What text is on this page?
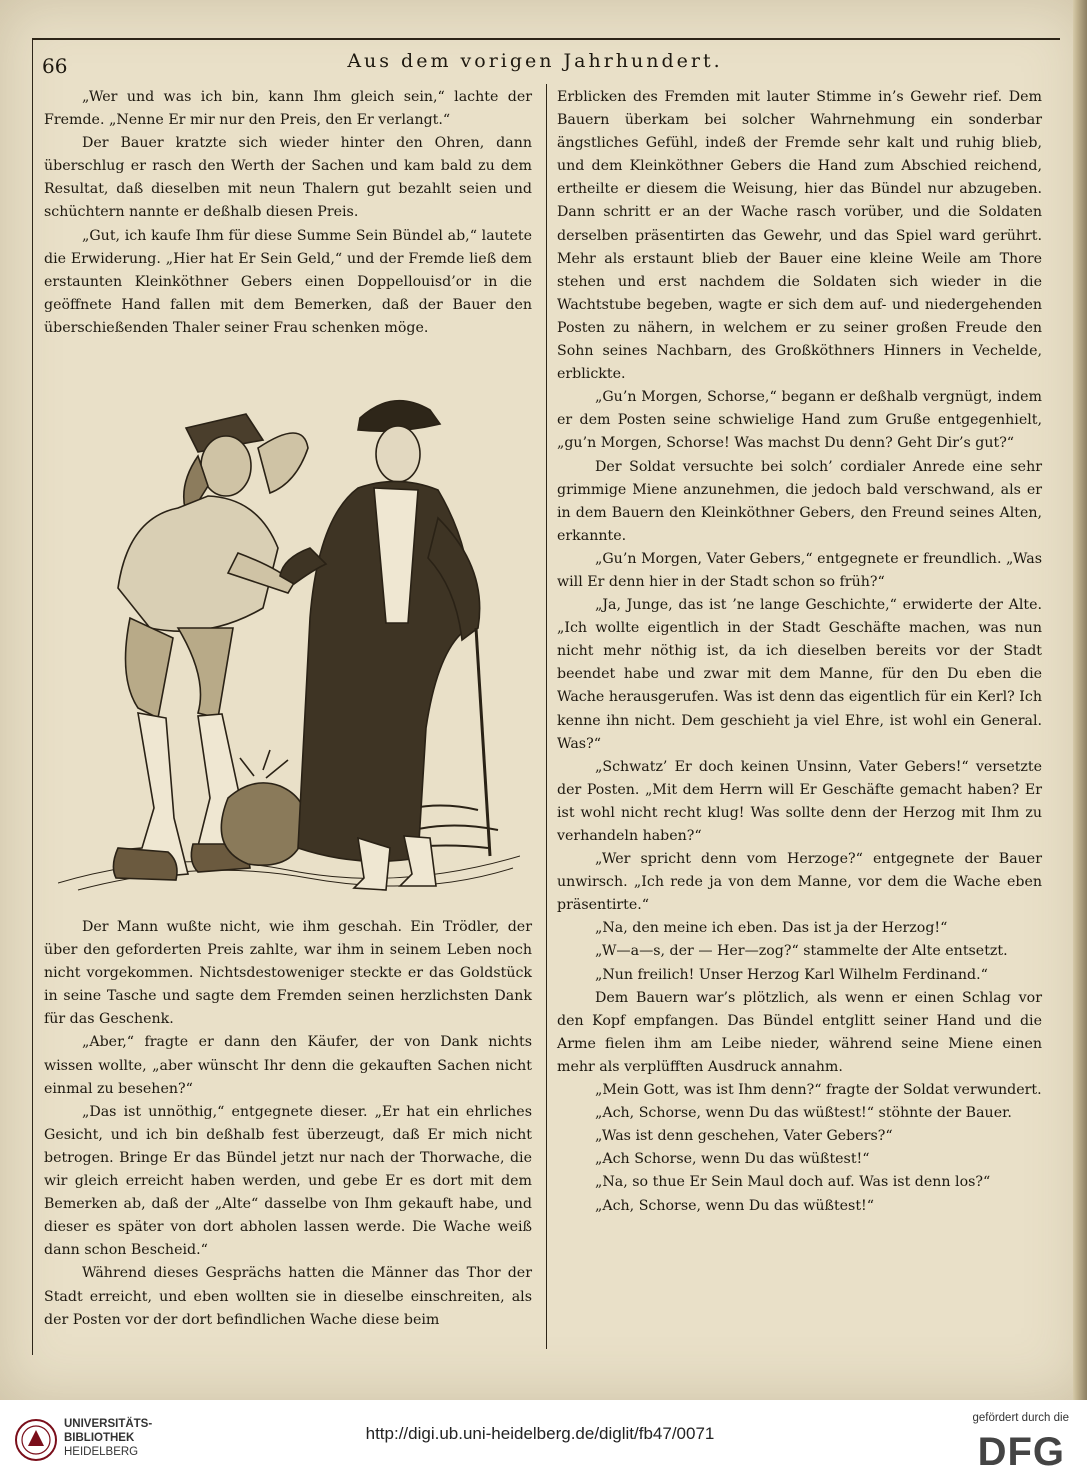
66	Aus dem vorigen Jahrhundert.

„Wer und was ich bin, kann Ihm gleich sein,“ lachte der Fremde. „Nenne Er mir nur den Preis, den Er verlangt.“

Der Bauer kratzte sich wieder hinter den Ohren, dann überschlug er rasch den Werth der Sachen und kam bald zu dem Resultat, daß dieselben mit neun Thalern gut bezahlt seien und schüchtern nannte er deßhalb diesen Preis.

„Gut, ich kaufe Ihm für diese Summe Sein Bündel ab,“ lautete die Erwiderung. „Hier hat Er Sein Geld,“ und der Fremde ließ dem erstaunten Kleinköthner Gebers einen Doppellouisd’or in die geöffnete Hand fallen mit dem Bemerken, daß der Bauer den überschießenden Thaler seiner Frau schenken möge.

Der Mann wußte nicht, wie ihm geschah. Ein Trödler, der über den geforderten Preis zahlte, war ihm in seinem Leben noch nicht vorgekommen. Nichtsdestoweniger steckte er das Goldstück in seine Tasche und sagte dem Fremden seinen herzlichsten Dank für das Geschenk.

„Aber,“ fragte er dann den Käufer, der von Dank nichts wissen wollte, „aber wünscht Ihr denn die gekauften Sachen nicht einmal zu besehen?“

„Das ist unnöthig,“ entgegnete dieser. „Er hat ein ehrliches Gesicht, und ich bin deßhalb fest überzeugt, daß Er mich nicht betrogen. Bringe Er das Bündel jetzt nur nach der Thorwache, die wir gleich erreicht haben werden, und gebe Er es dort mit dem Bemerken ab, daß der „Alte“ dasselbe von Ihm gekauft habe, und dieser es später von dort abholen lassen werde. Die Wache weiß dann schon Bescheid.“

Während dieses Gesprächs hatten die Männer das Thor der Stadt erreicht, und eben wollten sie in dieselbe einschreiten, als der Posten vor der dort befindlichen Wache diese beim

Erblicken des Fremden mit lauter Stimme in’s Gewehr rief. Dem Bauern überkam bei solcher Wahrnehmung ein sonderbar ängstliches Gefühl, indeß der Fremde sehr kalt und ruhig blieb, und dem Kleinköthner Gebers die Hand zum Abschied reichend, ertheilte er diesem die Weisung, hier das Bündel nur abzugeben. Dann schritt er an der Wache rasch vorüber, und die Soldaten derselben präsentirten das Gewehr, und das Spiel ward gerührt. Mehr als erstaunt blieb der Bauer eine kleine Weile am Thore stehen und erst nachdem die Soldaten sich wieder in die Wachtstube begeben, wagte er sich dem auf- und niedergehenden Posten zu nähern, in welchem er zu seiner großen Freude den Sohn seines Nachbarn, des Großköthners Hinners in Vechelde, erblickte.

„Gu’n Morgen, Schorse,“ begann er deßhalb vergnügt, indem er dem Posten seine schwielige Hand zum Gruße entgegenhielt, „gu’n Morgen, Schorse! Was machst Du denn? Geht Dir’s gut?“

Der Soldat versuchte bei solch’ cordialer Anrede eine sehr grimmige Miene anzunehmen, die jedoch bald verschwand, als er in dem Bauern den Kleinköthner Gebers, den Freund seines Alten, erkannte.

„Gu’n Morgen, Vater Gebers,“ entgegnete er freundlich. „Was will Er denn hier in der Stadt schon so früh?“

„Ja, Junge, das ist ’ne lange Geschichte,“ erwiderte der Alte. „Ich wollte eigentlich in der Stadt Geschäfte machen, was nun nicht mehr nöthig ist, da ich dieselben bereits vor der Stadt beendet habe und zwar mit dem Manne, für den Du eben die Wache herausgerufen. Was ist denn das eigentlich für ein Kerl? Ich kenne ihn nicht. Dem geschieht ja viel Ehre, ist wohl ein General. Was?“

„Schwatz’ Er doch keinen Unsinn, Vater Gebers!“ versetzte der Posten. „Mit dem Herrn will Er Geschäfte gemacht haben? Er ist wohl nicht recht klug! Was sollte denn der Herzog mit Ihm zu verhandeln haben?“

„Wer spricht denn vom Herzoge?“ entgegnete der Bauer unwirsch. „Ich rede ja von dem Manne, vor dem die Wache eben präsentirte.“

„Na, den meine ich eben. Das ist ja der Herzog!“

„W—a—s, der — Her—zog?“ stammelte der Alte entsetzt.

„Nun freilich! Unser Herzog Karl Wilhelm Ferdinand.“

Dem Bauern war’s plötzlich, als wenn er einen Schlag vor den Kopf empfangen. Das Bündel entglitt seiner Hand und die Arme fielen ihm am Leibe nieder, während seine Miene einen mehr als verplüfften Ausdruck annahm.

„Mein Gott, was ist Ihm denn?“ fragte der Soldat verwundert.

„Ach, Schorse, wenn Du das wüßtest!“ stöhnte der Bauer.

„Was ist denn geschehen, Vater Gebers?“

„Ach Schorse, wenn Du das wüßtest!“

„Na, so thue Er Sein Maul doch auf. Was ist denn los?“

„Ach, Schorse, wenn Du das wüßtest!“

UNIVERSITÄTS-
BIBLIOTHEK
HEIDELBERG
http://digi.ub.uni-heidelberg.de/diglit/fb47/0071
gefördert durch die
DFG
